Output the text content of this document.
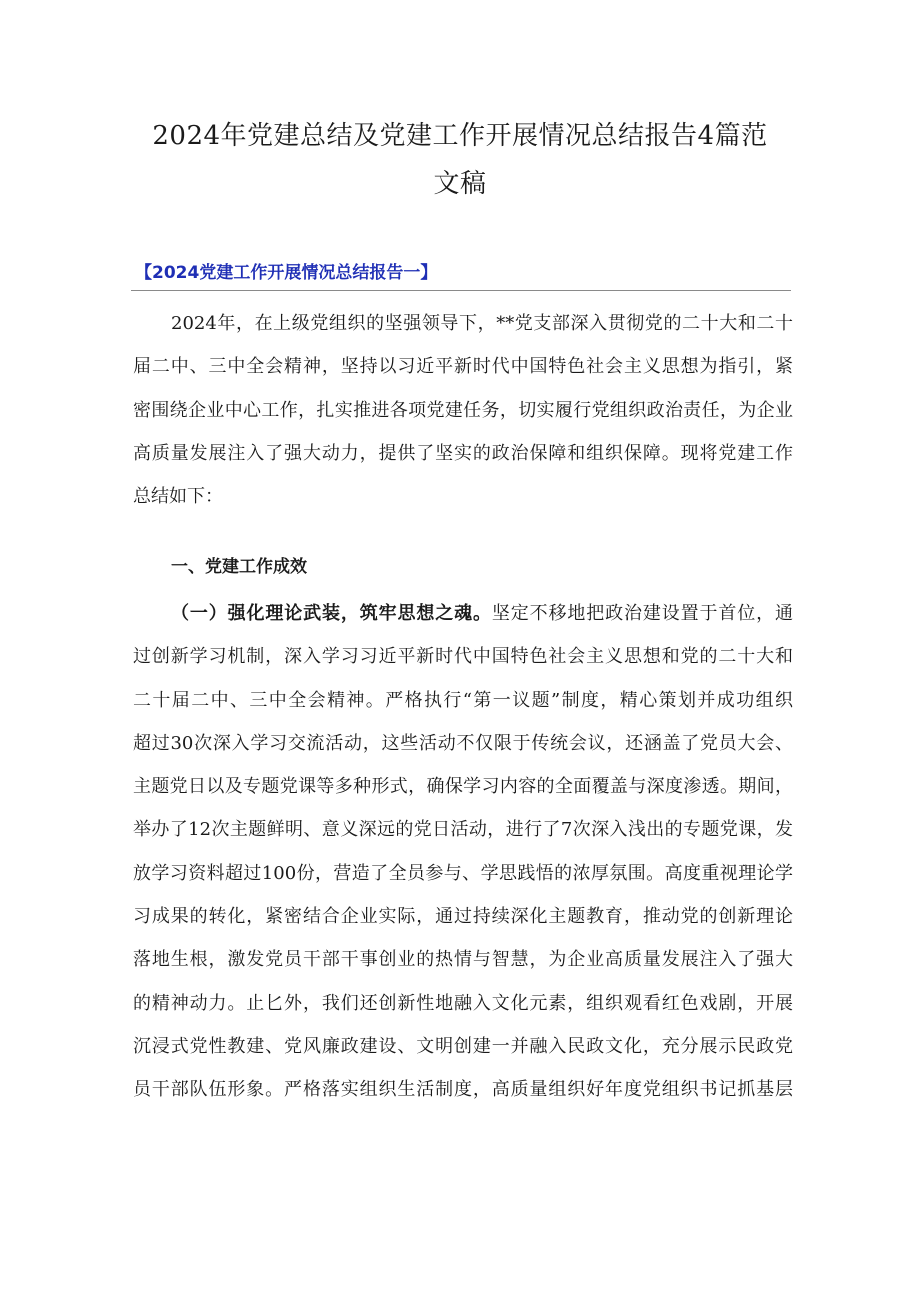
2024年党建总结及党建工作开展情况总结报告4篇范
文稿
【2024党建工作开展情况总结报告一】
2024年，在上级党组织的坚强领导下，**党支部深入贯彻党的二十大和二十
届二中、三中全会精神，坚持以习近平新时代中国特色社会主义思想为指引，紧
密围绕企业中心工作，扎实推进各项党建任务，切实履行党组织政治责任，为企业
高质量发展注入了强大动力，提供了坚实的政治保障和组织保障。现将党建工作
总结如下：
一、党建工作成效
（一）强化理论武装，筑牢思想之魂。坚定不移地把政治建设置于首位，通
过创新学习机制，深入学习习近平新时代中国特色社会主义思想和党的二十大和
二十届二中、三中全会精神。严格执行“第一议题”制度，精心策划并成功组织
超过30次深入学习交流活动，这些活动不仅限于传统会议，还涵盖了党员大会、
主题党日以及专题党课等多种形式，确保学习内容的全面覆盖与深度渗透。期间，
举办了12次主题鲜明、意义深远的党日活动，进行了7次深入浅出的专题党课，发
放学习资料超过100份，营造了全员参与、学思践悟的浓厚氛围。高度重视理论学
习成果的转化，紧密结合企业实际，通过持续深化主题教育，推动党的创新理论
落地生根，激发党员干部干事创业的热情与智慧，为企业高质量发展注入了强大
的精神动力。止匕外，我们还创新性地融入文化元素，组织观看红色戏剧，开展
沉浸式党性教建、党风廉政建设、文明创建一并融入民政文化，充分展示民政党
员干部队伍形象。严格落实组织生活制度，高质量组织好年度党组织书记抓基层
